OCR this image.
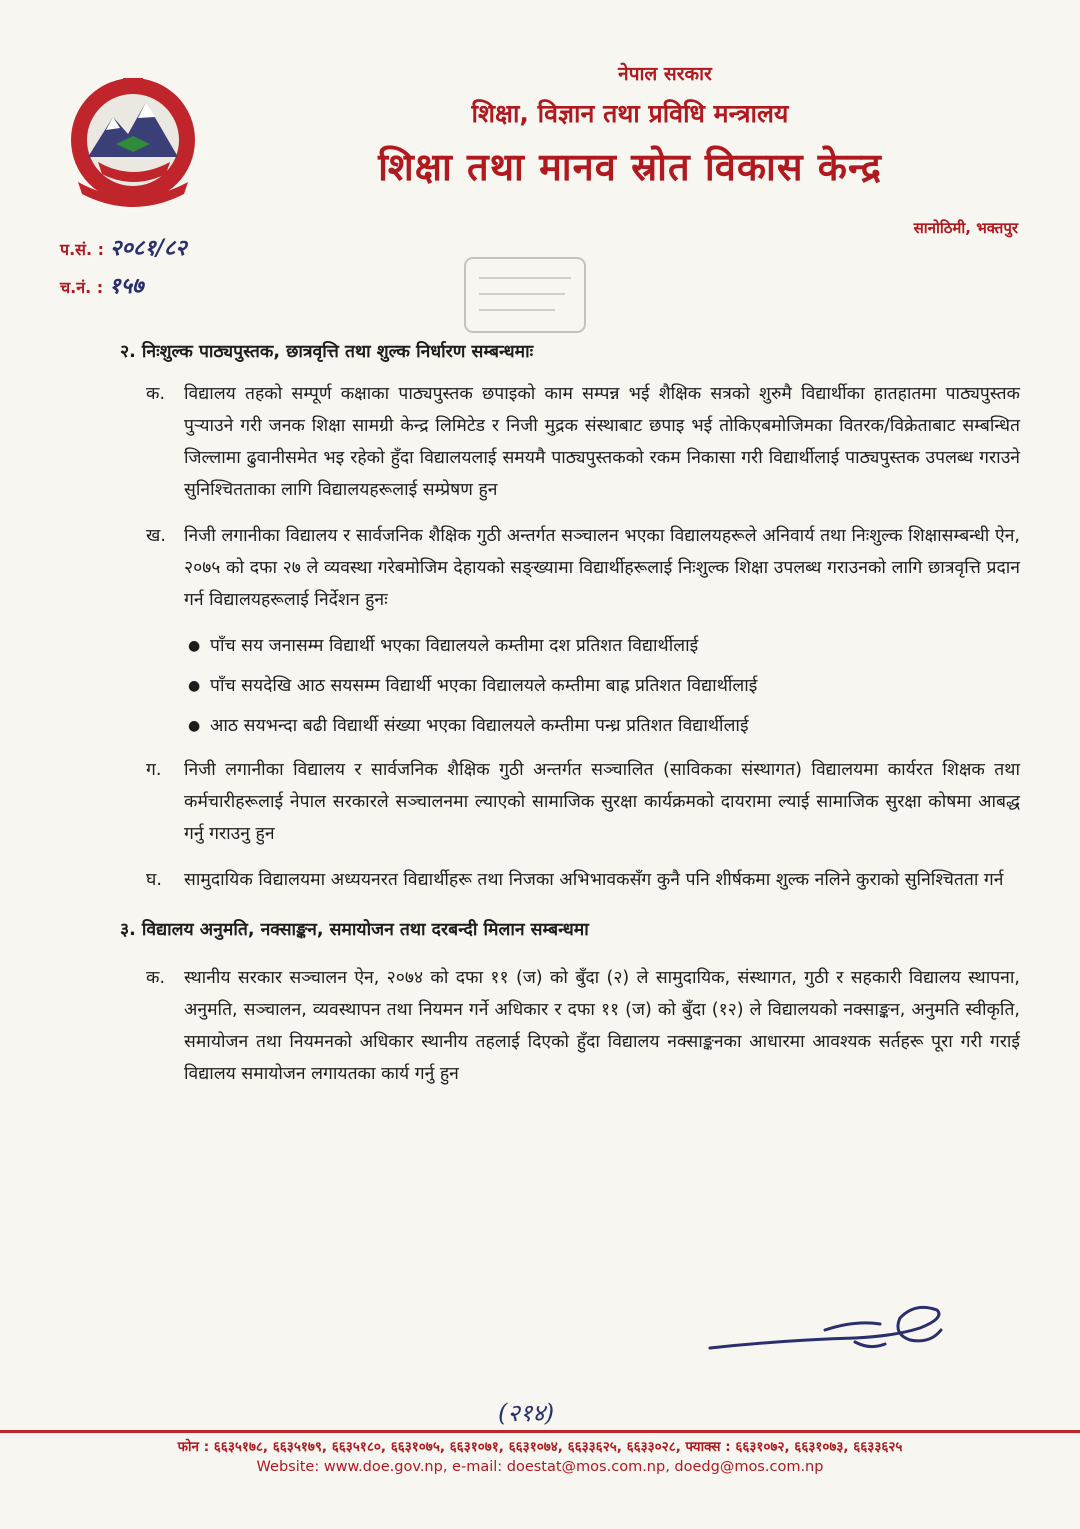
नेपाल सरकार
शिक्षा, विज्ञान तथा प्रविधि मन्त्रालय
शिक्षा तथा मानव स्रोत विकास केन्द्र
सानोठिमी, भक्तपुर
प.सं. : २०८१/८२
च.नं. : १५७
२. निःशुल्क पाठ्यपुस्तक, छात्रवृत्ति तथा शुल्क निर्धारण सम्बन्धमाः
क.	विद्यालय तहको सम्पूर्ण कक्षाका पाठ्यपुस्तक छपाइको काम सम्पन्न भई शैक्षिक सत्रको शुरुमै विद्यार्थीका हातहातमा पाठ्यपुस्तक पुर्‍याउने गरी जनक शिक्षा सामग्री केन्द्र लिमिटेड र निजी मुद्रक संस्थाबाट छपाइ भई तोकिएबमोजिमका वितरक/विक्रेताबाट सम्बन्धित जिल्लामा ढुवानीसमेत भइ रहेको हुँदा विद्यालयलाई समयमै पाठ्यपुस्तकको रकम निकासा गरी विद्यार्थीलाई पाठ्यपुस्तक उपलब्ध गराउने सुनिश्चितताका लागि विद्यालयहरूलाई सम्प्रेषण हुन
ख.	निजी लगानीका विद्यालय र सार्वजनिक शैक्षिक गुठी अन्तर्गत सञ्चालन भएका विद्यालयहरूले अनिवार्य तथा निःशुल्क शिक्षासम्बन्धी ऐन, २०७५ को दफा २७ ले व्यवस्था गरेबमोजिम देहायको सङ्ख्यामा विद्यार्थीहरूलाई निःशुल्क शिक्षा उपलब्ध गराउनको लागि छात्रवृत्ति प्रदान गर्न विद्यालयहरूलाई निर्देशन हुनः
● पाँच सय जनासम्म विद्यार्थी भएका विद्यालयले कम्तीमा दश प्रतिशत विद्यार्थीलाई
● पाँच सयदेखि आठ सयसम्म विद्यार्थी भएका विद्यालयले कम्तीमा बाह्र प्रतिशत विद्यार्थीलाई
● आठ सयभन्दा बढी विद्यार्थी संख्या भएका विद्यालयले कम्तीमा पन्ध्र प्रतिशत विद्यार्थीलाई
ग.	निजी लगानीका विद्यालय र सार्वजनिक शैक्षिक गुठी अन्तर्गत सञ्चालित (साविकका संस्थागत) विद्यालयमा कार्यरत शिक्षक तथा कर्मचारीहरूलाई नेपाल सरकारले सञ्चालनमा ल्याएको सामाजिक सुरक्षा कार्यक्रमको दायरामा ल्याई सामाजिक सुरक्षा कोषमा आबद्ध गर्नु गराउनु हुन
घ.	सामुदायिक विद्यालयमा अध्ययनरत विद्यार्थीहरू तथा निजका अभिभावकसँग कुनै पनि शीर्षकमा शुल्क नलिने कुराको सुनिश्चितता गर्न
३. विद्यालय अनुमति, नक्साङ्कन, समायोजन तथा दरबन्दी मिलान सम्बन्धमा
क.	स्थानीय सरकार सञ्चालन ऐन, २०७४ को दफा ११ (ज) को बुँदा (२) ले सामुदायिक, संस्थागत, गुठी र सहकारी विद्यालय स्थापना, अनुमति, सञ्चालन, व्यवस्थापन तथा नियमन गर्ने अधिकार र दफा ११ (ज) को बुँदा (१२) ले विद्यालयको नक्साङ्कन, अनुमति स्वीकृति, समायोजन तथा नियमनको अधिकार स्थानीय तहलाई दिएको हुँदा विद्यालय नक्साङ्कनका आधारमा आवश्यक सर्तहरू पूरा गरी गराई विद्यालय समायोजन लगायतका कार्य गर्नु हुन
(२१४)
फोन : ६६३५१७८, ६६३५१७९, ६६३५१८०, ६६३१०७५, ६६३१०७१, ६६३१०७४, ६६३३६२५, ६६३३०२८, फ्याक्स : ६६३१०७२, ६६३१०७३, ६६३३६२५
Website: www.doe.gov.np, e-mail: doestat@mos.com.np, doedg@mos.com.np
